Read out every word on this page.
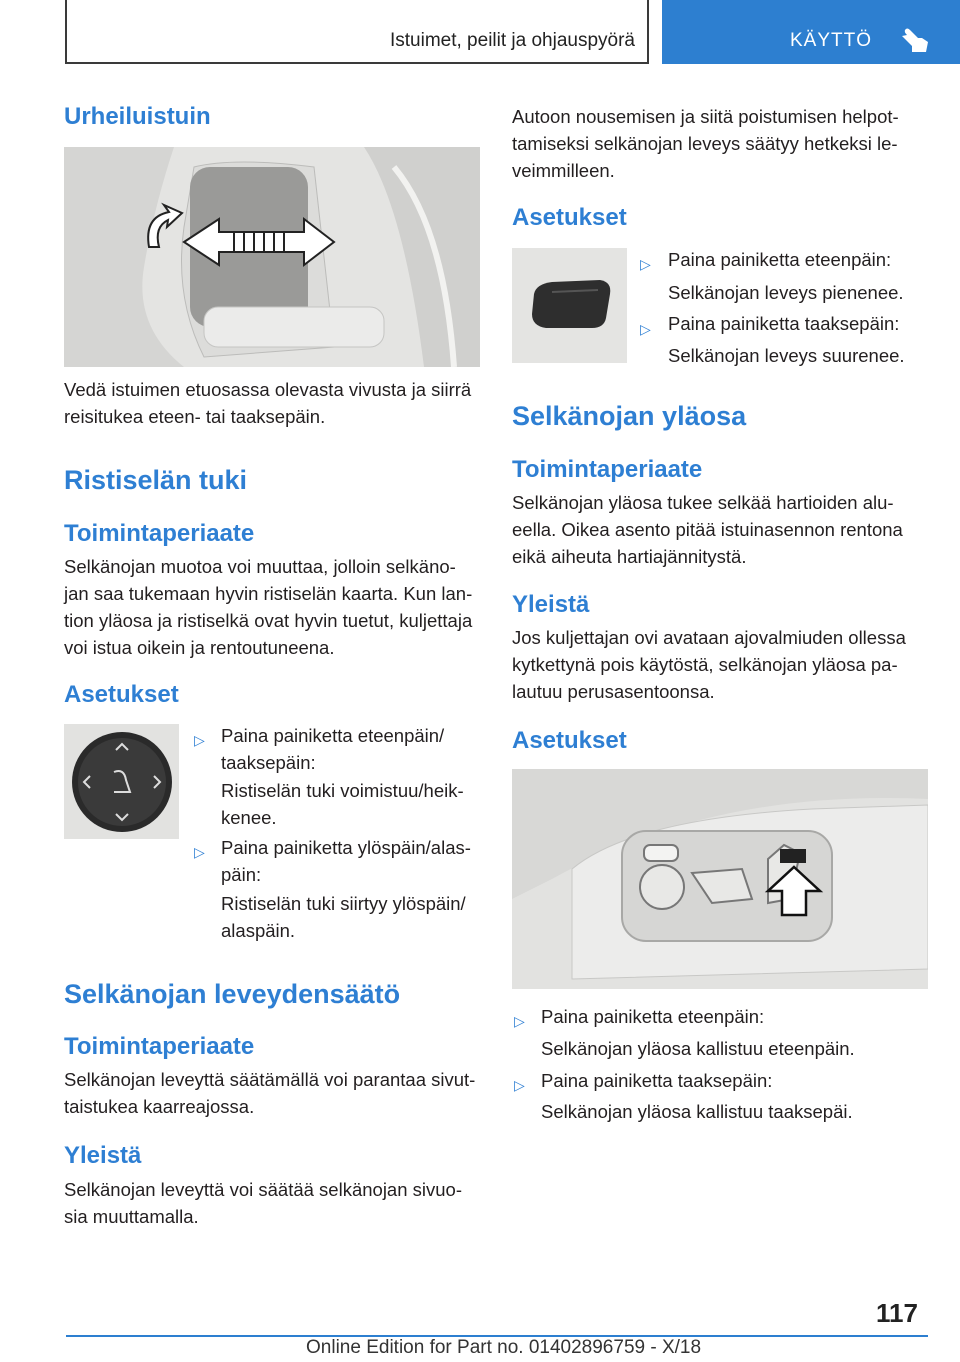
Istuimet, peilit ja ohjauspyörä	KÄYTTÖ
Urheiluistuin
Vedä istuimen etuosassa olevasta vivusta ja siirrä
reisitukea eteen- tai taaksepäin.
Ristiselän tuki
Toimintaperiaate
Selkänojan muotoa voi muuttaa, jolloin selkäno‐
jan saa tukemaan hyvin ristiselän kaarta. Kun lan‐
tion yläosa ja ristiselkä ovat hyvin tuetut, kuljettaja
voi istua oikein ja rentoutuneena.
Asetukset
▷ Paina painiketta eteenpäin/
taaksepäin:
Ristiselän tuki voimistuu/heik‐
kenee.
▷ Paina painiketta ylöspäin/alas‐
päin:
Ristiselän tuki siirtyy ylöspäin/
alaspäin.
Selkänojan leveydensäätö
Toimintaperiaate
Selkänojan leveyttä säätämällä voi parantaa sivut‐
taistukea kaarreajossa.
Yleistä
Selkänojan leveyttä voi säätää selkänojan sivuo‐
sia muuttamalla.
Autoon nousemisen ja siitä poistumisen helpot‐
tamiseksi selkänojan leveys säätyy hetkeksi le‐
veimmilleen.
Asetukset
▷ Paina painiketta eteenpäin:
Selkänojan leveys pienenee.
▷ Paina painiketta taaksepäin:
Selkänojan leveys suurenee.
Selkänojan yläosa
Toimintaperiaate
Selkänojan yläosa tukee selkää hartioiden alu‐
eella. Oikea asento pitää istuinasennon rentona
eikä aiheuta hartiajännitystä.
Yleistä
Jos kuljettajan ovi avataan ajovalmiuden ollessa
kytkettynä pois käytöstä, selkänojan yläosa pa‐
lautuu perusasentoonsa.
Asetukset
▷ Paina painiketta eteenpäin:
Selkänojan yläosa kallistuu eteenpäin.
▷ Paina painiketta taaksepäin:
Selkänojan yläosa kallistuu taaksepäi.
117
Online Edition for Part no. 01402896759 - X/18
